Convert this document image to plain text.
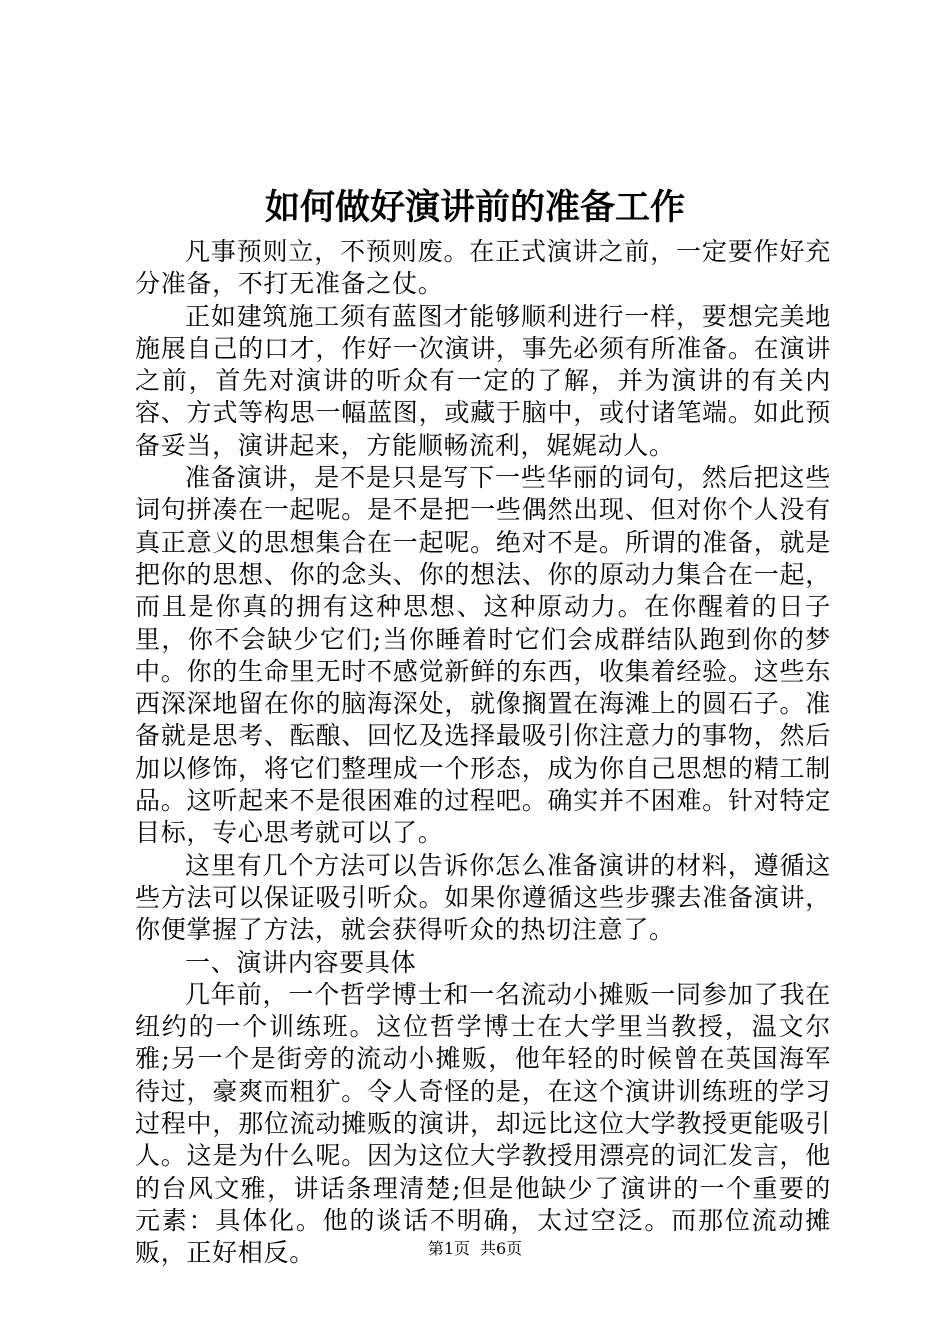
如何做好演讲前的准备工作

凡事预则立，不预则废。在正式演讲之前，一定要作好充分准备，不打无准备之仗。

正如建筑施工须有蓝图才能够顺利进行一样，要想完美地施展自己的口才，作好一次演讲，事先必须有所准备。在演讲之前，首先对演讲的听众有一定的了解，并为演讲的有关内容、方式等构思一幅蓝图，或藏于脑中，或付诸笔端。如此预备妥当，演讲起来，方能顺畅流利，娓娓动人。

准备演讲，是不是只是写下一些华丽的词句，然后把这些词句拼凑在一起呢。是不是把一些偶然出现、但对你个人没有真正意义的思想集合在一起呢。绝对不是。所谓的准备，就是把你的思想、你的念头、你的想法、你的原动力集合在一起，而且是你真的拥有这种思想、这种原动力。在你醒着的日子里，你不会缺少它们;当你睡着时它们会成群结队跑到你的梦中。你的生命里无时不感觉新鲜的东西，收集着经验。这些东西深深地留在你的脑海深处，就像搁置在海滩上的圆石子。准备就是思考、酝酿、回忆及选择最吸引你注意力的事物，然后加以修饰，将它们整理成一个形态，成为你自己思想的精工制品。这听起来不是很困难的过程吧。确实并不困难。针对特定目标，专心思考就可以了。

这里有几个方法可以告诉你怎么准备演讲的材料，遵循这些方法可以保证吸引听众。如果你遵循这些步骤去准备演讲，你便掌握了方法，就会获得听众的热切注意了。

一、演讲内容要具体

几年前，一个哲学博士和一名流动小摊贩一同参加了我在纽约的一个训练班。这位哲学博士在大学里当教授，温文尔雅;另一个是街旁的流动小摊贩，他年轻的时候曾在英国海军待过，豪爽而粗犷。令人奇怪的是，在这个演讲训练班的学习过程中，那位流动摊贩的演讲，却远比这位大学教授更能吸引人。这是为什么呢。因为这位大学教授用漂亮的词汇发言，他的台风文雅，讲话条理清楚;但是他缺少了演讲的一个重要的元素：具体化。他的谈话不明确，太过空泛。而那位流动摊贩，正好相反。	第1页 共6页
